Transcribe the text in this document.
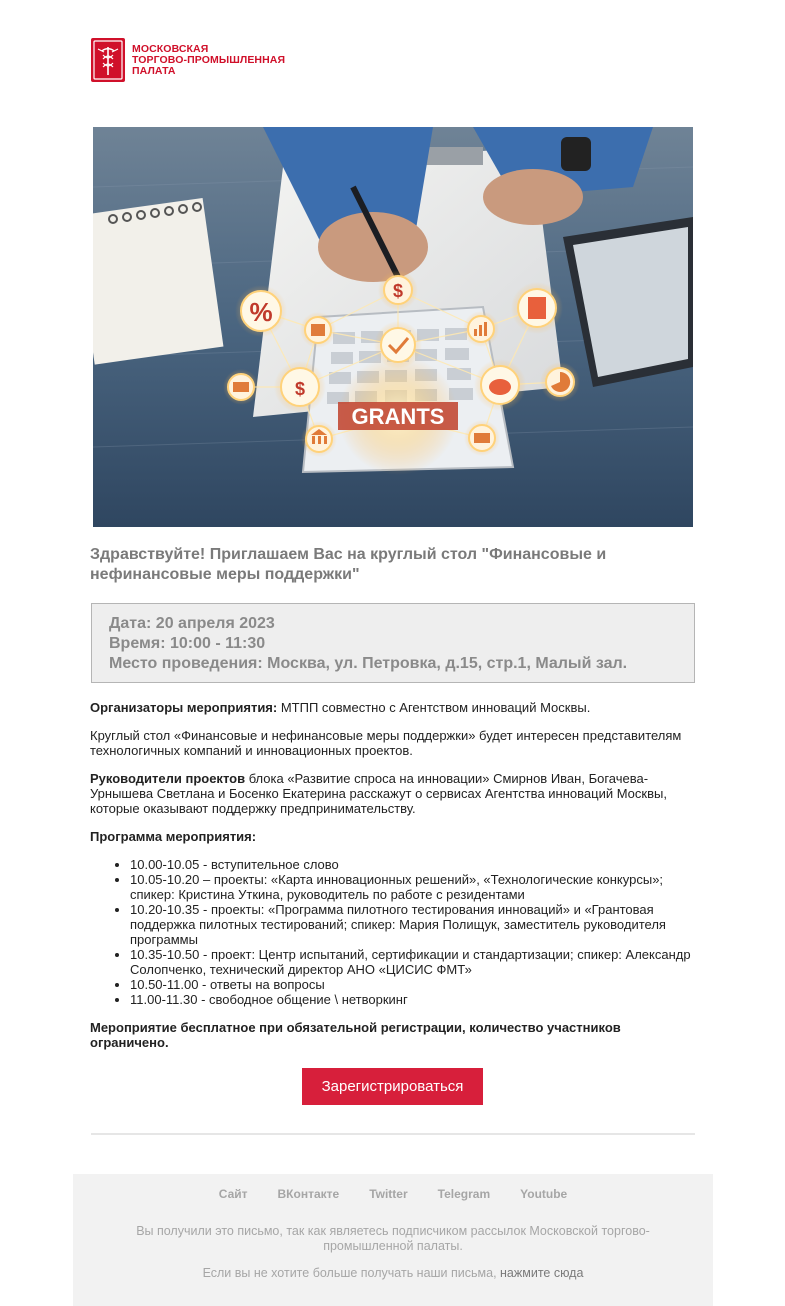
МОСКОВСКАЯ
ТОРГОВО-ПРОМЫШЛЕННАЯ
ПАЛАТА
GRANTS
%
$
$
Здравствуйте! Приглашаем Вас на круглый стол "Финансовые и нефинансовые меры поддержки"
Дата: 20 апреля 2023
Время: 10:00 - 11:30
Место проведения: Москва, ул. Петровка, д.15, стр.1, Малый зал.

Организаторы мероприятия: МТПП совместно с Агентством инноваций Москвы.

Круглый стол «Финансовые и нефинансовые меры поддержки» будет интересен представителям технологичных компаний и инновационных проектов.

Руководители проектов блока «Развитие спроса на инновации» Смирнов Иван, Богачева-Урнышева Светлана и Босенко Екатерина расскажут о сервисах Агентства инноваций Москвы, которые оказывают поддержку предпринимательству.

Программа мероприятия:

• 10.00-10.05 - вступительное слово
• 10.05-10.20 – проекты: «Карта инновационных решений», «Технологические конкурсы»; спикер: Кристина Уткина, руководитель по работе с резидентами
• 10.20-10.35 - проекты: «Программа пилотного тестирования инноваций» и «Грантовая поддержка пилотных тестирований; спикер: Мария Полищук, заместитель руководителя программы
• 10.35-10.50 - проект: Центр испытаний, сертификации и стандартизации; спикер: Александр Солопченко, технический директор АНО «ЦИСИС ФМТ»
• 10.50-11.00 - ответы на вопросы
• 11.00-11.30 - свободное общение \ нетворкинг

Мероприятие бесплатное при обязательной регистрации, количество участников ограничено.

Зарегистрироваться
Сайт	ВКонтакте	Twitter	Telegram	Youtube
Вы получили это письмо, так как являетесь подписчиком рассылок Московской торгово-промышленной палаты.
Если вы не хотите больше получать наши письма, нажмите сюда
